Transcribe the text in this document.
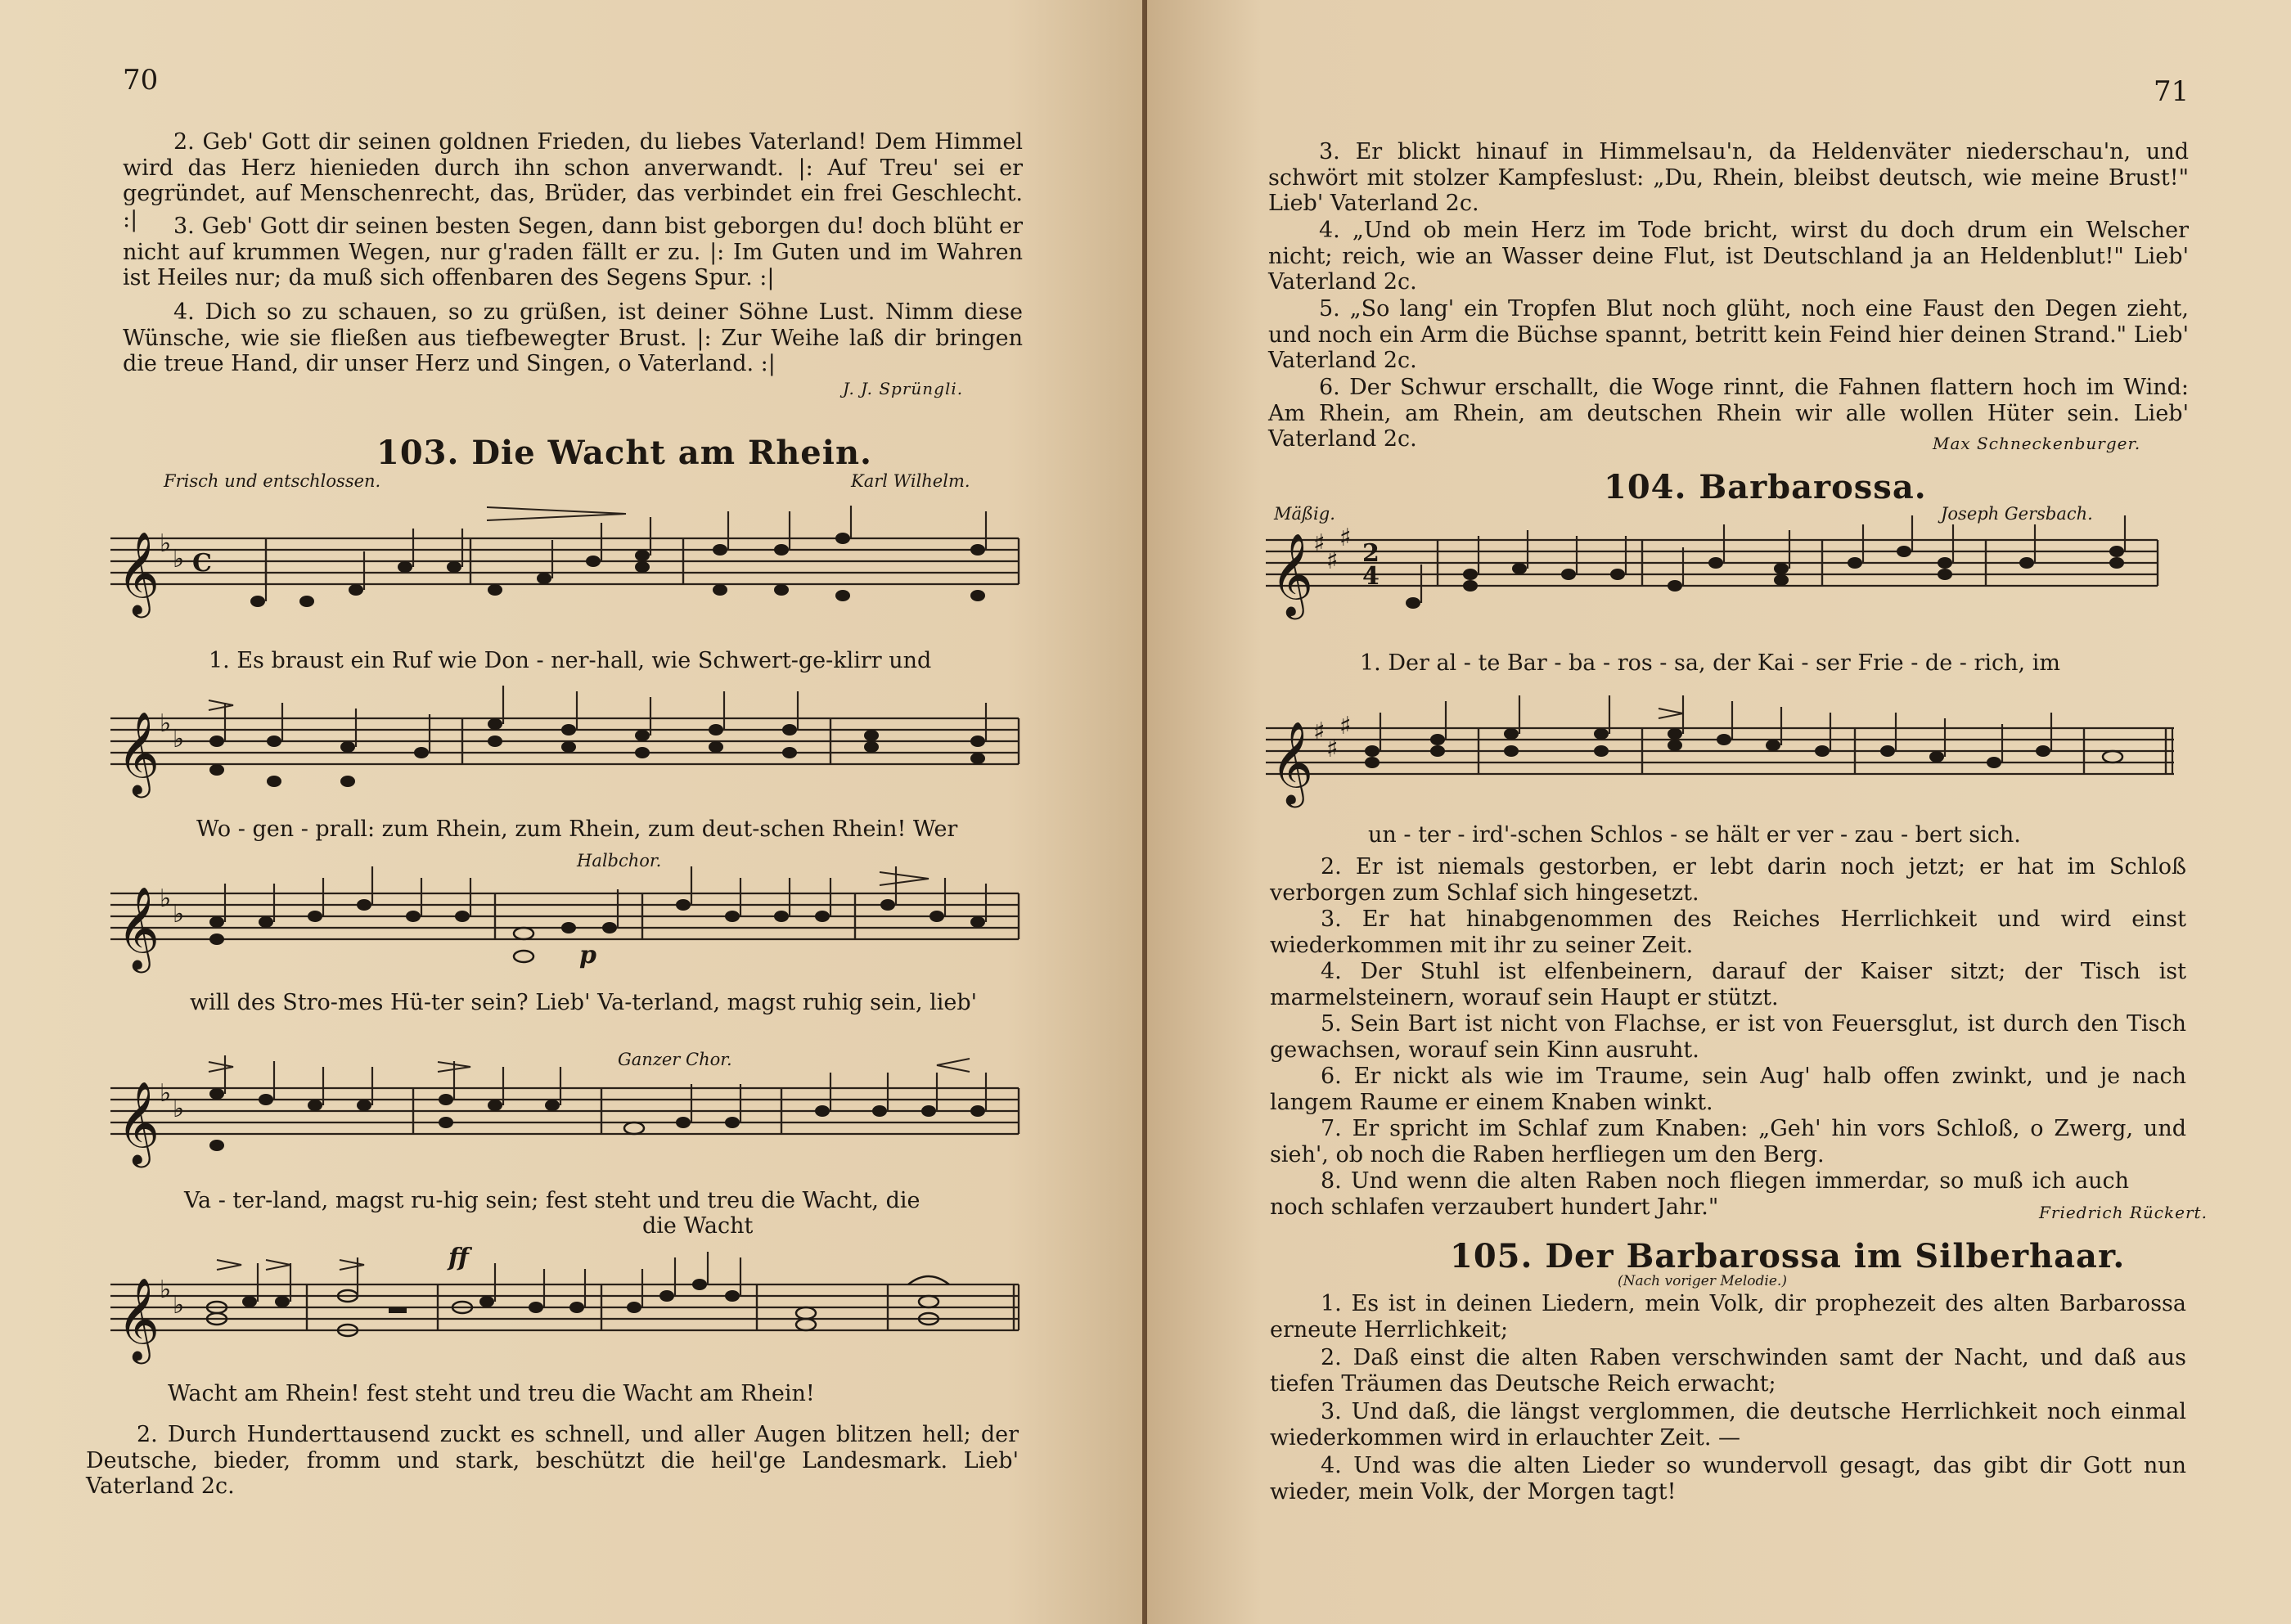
70

2. Geb' Gott dir seinen goldnen Frieden, du liebes Vaterland! Dem Himmel wird das Herz hienieden durch ihn schon anverwandt. |: Auf Treu' sei er gegründet, auf Menschenrecht, das, Brüder, das verbindet ein frei Geschlecht. :|	3. Geb' Gott dir seinen besten Segen, dann bist geborgen du! doch blüht er nicht auf krummen Wegen, nur g'raden fällt er zu. |: Im Guten und im Wahren ist Heiles nur; da muß sich offenbaren des Segens Spur. :|

4. Dich so zu schauen, so zu grüßen, ist deiner Söhne Lust. Nimm diese Wünsche, wie sie fließen aus tiefbewegter Brust. |: Zur Weihe laß dir bringen die treue Hand, dir unser Herz und Singen, o Vaterland. :|

J. J. Sprüngli.
103. Die Wacht am Rhein.
Frisch und entschlossen.	Karl Wilhelm.
𝄞 ♭
♭ C
1. Es braust ein Ruf wie Don - ner-hall, wie Schwert-ge-klirr und
𝄞 ♭
♭
Wo - gen - prall: zum Rhein, zum Rhein, zum deut-schen Rhein! Wer
Halbchor.
𝄞 ♭
♭
p
will des Stro-mes Hü-ter sein? Lieb' Va-terland, magst ruhig sein, lieb'
Ganzer Chor.
𝄞 ♭
♭
Va - ter-land, magst ru-hig sein; fest steht und treu die Wacht, die
die Wacht
ff
𝄞 ♭
♭
Wacht am Rhein! fest steht und treu die Wacht am Rhein!

2. Durch Hunderttausend zuckt es schnell, und aller Augen blitzen hell; der Deutsche, bieder, fromm und stark, beschützt die heil'ge Landesmark. Lieb' Vaterland 2c.

71

3. Er blickt hinauf in Himmelsau'n, da Heldenväter niederschau'n, und schwört mit stolzer Kampfeslust: „Du, Rhein, bleibst deutsch, wie meine Brust!" Lieb' Vaterland 2c.

4. „Und ob mein Herz im Tode bricht, wirst du doch drum ein Welscher nicht; reich, wie an Wasser deine Flut, ist Deutschland ja an Heldenblut!" Lieb' Vaterland 2c.

5. „So lang' ein Tropfen Blut noch glüht, noch eine Faust den Degen zieht, und noch ein Arm die Büchse spannt, betritt kein Feind hier deinen Strand." Lieb' Vaterland 2c.

6. Der Schwur erschallt, die Woge rinnt, die Fahnen flattern hoch im Wind: Am Rhein, am Rhein, am deutschen Rhein wir alle wollen Hüter sein. Lieb' Vaterland 2c.	Max Schneckenburger.
104. Barbarossa.
Mäßig.	Joseph Gersbach.
𝄞 ♯
♯
♯
2
4
1. Der al - te Bar - ba - ros - sa, der Kai - ser Frie - de - rich, im
𝄞 ♯
♯
♯
un - ter - ird'-schen Schlos - se hält er ver - zau - bert sich.

2. Er ist niemals gestorben, er lebt darin noch jetzt; er hat im Schloß verborgen zum Schlaf sich hingesetzt.

3. Er hat hinabgenommen des Reiches Herrlichkeit und wird einst wiederkommen mit ihr zu seiner Zeit.

4. Der Stuhl ist elfenbeinern, darauf der Kaiser sitzt; der Tisch ist marmelsteinern, worauf sein Haupt er stützt.

5. Sein Bart ist nicht von Flachse, er ist von Feuersglut, ist durch den Tisch gewachsen, worauf sein Kinn ausruht.

6. Er nickt als wie im Traume, sein Aug' halb offen zwinkt, und je nach langem Raume er einem Knaben winkt.

7. Er spricht im Schlaf zum Knaben: „Geh' hin vors Schloß, o Zwerg, und sieh', ob noch die Raben herfliegen um den Berg.

8. Und wenn die alten Raben noch fliegen immerdar, so muß ich auch noch schlafen verzaubert hundert Jahr."	Friedrich Rückert.
105. Der Barbarossa im Silberhaar.
(Nach voriger Melodie.)

1. Es ist in deinen Liedern, mein Volk, dir prophezeit des alten Barbarossa erneute Herrlichkeit;

2. Daß einst die alten Raben verschwinden samt der Nacht, und daß aus tiefen Träumen das Deutsche Reich erwacht;

3. Und daß, die längst verglommen, die deutsche Herrlichkeit noch einmal wiederkommen wird in erlauchter Zeit. —

4. Und was die alten Lieder so wundervoll gesagt, das gibt dir Gott nun wieder, mein Volk, der Morgen tagt!
